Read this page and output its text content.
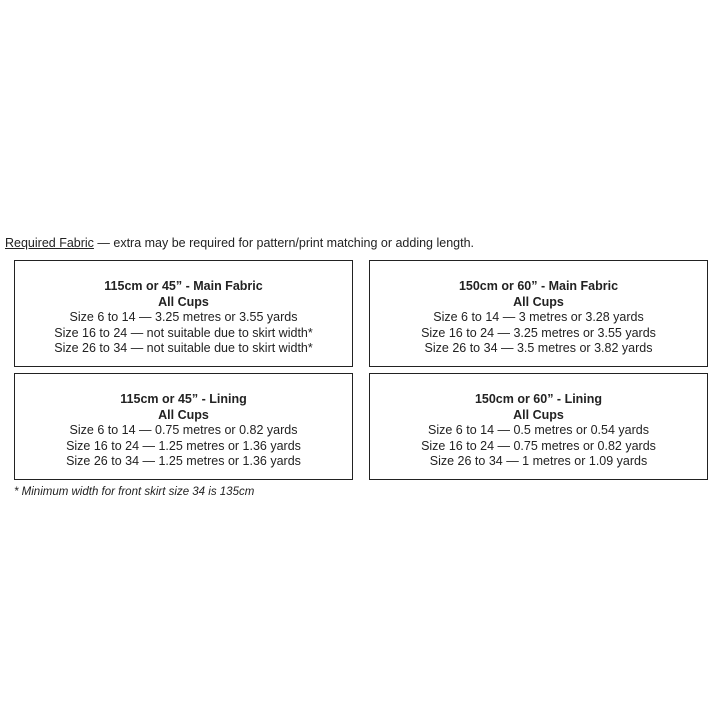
Required Fabric — extra may be required for pattern/print matching or adding length.
115cm or 45” - Main Fabric
All Cups
Size 6 to 14 — 3.25 metres or 3.55 yards
Size 16 to 24 — not suitable due to skirt width*
Size 26 to 34 — not suitable due to skirt width*
150cm or 60” - Main Fabric
All Cups
Size 6 to 14 — 3 metres or 3.28 yards
Size 16 to 24 — 3.25 metres or 3.55 yards
Size 26 to 34 — 3.5 metres or 3.82 yards
115cm or 45” - Lining
All Cups
Size 6 to 14 — 0.75 metres or 0.82 yards
Size 16 to 24 — 1.25 metres or 1.36 yards
Size 26 to 34 — 1.25 metres or 1.36 yards
150cm or 60” - Lining
All Cups
Size 6 to 14 — 0.5 metres or 0.54 yards
Size 16 to 24 — 0.75 metres or 0.82 yards
Size 26 to 34 — 1 metres or 1.09 yards
* Minimum width for front skirt size 34 is 135cm
